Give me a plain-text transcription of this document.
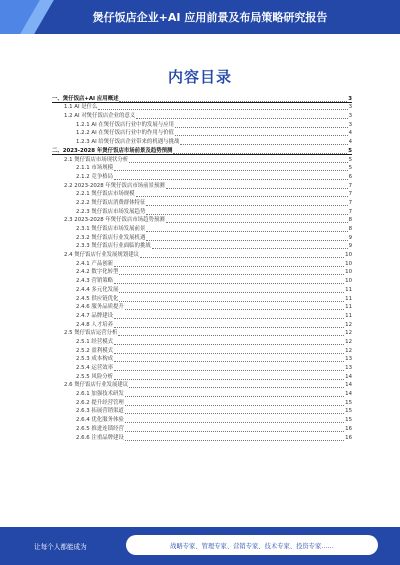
煲仔饭店企业+AI 应用前景及布局策略研究报告
内容目录
一、煲仔饭店+AI 应用概述	3
1.1 AI 是什么	3
1.2 AI 对煲仔饭店企业的意义	3
1.2.1 AI 在煲仔饭店行业中的发展与应用	3
1.2.2 AI 在煲仔饭店行业中的作用与价值	4
1.2.3 AI 给煲仔饭店企业带来的机遇与挑战	4
二、2023-2028 年煲仔饭店市场前景及趋势预测	5
2.1 煲仔饭店市场现状分析	5
2.1.1 市场规模	5
2.1.2 竞争格局	6
2.2 2023-2028 年煲仔饭店市场前景预测	7
2.2.1 煲仔饭店市场规模	7
2.2.2 煲仔饭店消费群体特征	7
2.2.3 煲仔饭店市场发展趋势	7
2.3 2023-2028 年煲仔饭店市场趋势预测	8
2.3.1 煲仔饭店市场发展前景	8
2.3.2 煲仔饭店行业发展机遇	9
2.3.3 煲仔饭店行业面临的挑战	9
2.4 煲仔饭店行业发展规划建议	10
2.4.1 产品创新	10
2.4.2 数字化转型	10
2.4.3 营销策略	10
2.4.4 多元化发展	11
2.4.5 供应链优化	11
2.4.6 服务品质提升	11
2.4.7 品牌建设	11
2.4.8 人才培养	12
2.5 煲仔饭店运营分析	12
2.5.1 经营模式	12
2.5.2 盈利模式	12
2.5.3 成本构成	13
2.5.4 运营效率	13
2.5.5 风险分析	14
2.6 煲仔饭店行业发展建议	14
2.6.1 加强技术研发	14
2.6.2 提升经营管理	15
2.6.3 拓展营销渠道	15
2.6.4 优化服务体验	15
2.6.5 推进连锁经营	16
2.6.6 注重品牌建设	16
让每个人都能成为	战略专家、管理专家、营销专家、技术专家、投资专家……
